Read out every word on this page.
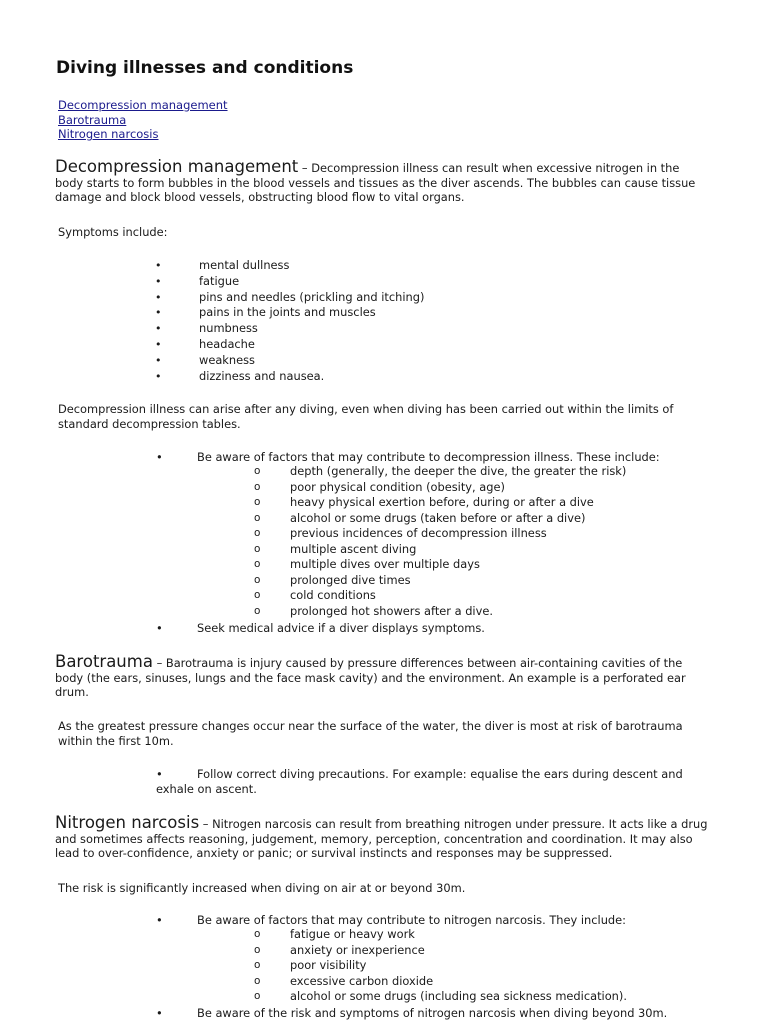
Diving illnesses and conditions
Decompression management
Barotrauma
Nitrogen narcosis

Decompression management – Decompression illness can result when excessive nitrogen in the body starts to form bubbles in the blood vessels and tissues as the diver ascends. The bubbles can cause tissue damage and block blood vessels, obstructing blood flow to vital organs.

Symptoms include:

• mental dullness
• fatigue
• pins and needles (prickling and itching)
• pains in the joints and muscles
• numbness
• headache
• weakness
• dizziness and nausea.

Decompression illness can arise after any diving, even when diving has been carried out within the limits of standard decompression tables.

• Be aware of factors that may contribute to decompression illness. These include:
o depth (generally, the deeper the dive, the greater the risk)
o poor physical condition (obesity, age)
o heavy physical exertion before, during or after a dive
o alcohol or some drugs (taken before or after a dive)
o previous incidences of decompression illness
o multiple ascent diving
o multiple dives over multiple days
o prolonged dive times
o cold conditions
o prolonged hot showers after a dive.
• Seek medical advice if a diver displays symptoms.

Barotrauma – Barotrauma is injury caused by pressure differences between air-containing cavities of the body (the ears, sinuses, lungs and the face mask cavity) and the environment. An example is a perforated ear drum.

As the greatest pressure changes occur near the surface of the water, the diver is most at risk of barotrauma within the first 10m.

•	Follow correct diving precautions. For example: equalise the ears during descent and exhale on ascent.

Nitrogen narcosis – Nitrogen narcosis can result from breathing nitrogen under pressure. It acts like a drug and sometimes affects reasoning, judgement, memory, perception, concentration and coordination. It may also lead to over-confidence, anxiety or panic; or survival instincts and responses may be suppressed.

The risk is significantly increased when diving on air at or beyond 30m.

• Be aware of factors that may contribute to nitrogen narcosis. They include:
o fatigue or heavy work
o anxiety or inexperience
o poor visibility
o excessive carbon dioxide
o alcohol or some drugs (including sea sickness medication).
• Be aware of the risk and symptoms of nitrogen narcosis when diving beyond 30m.
